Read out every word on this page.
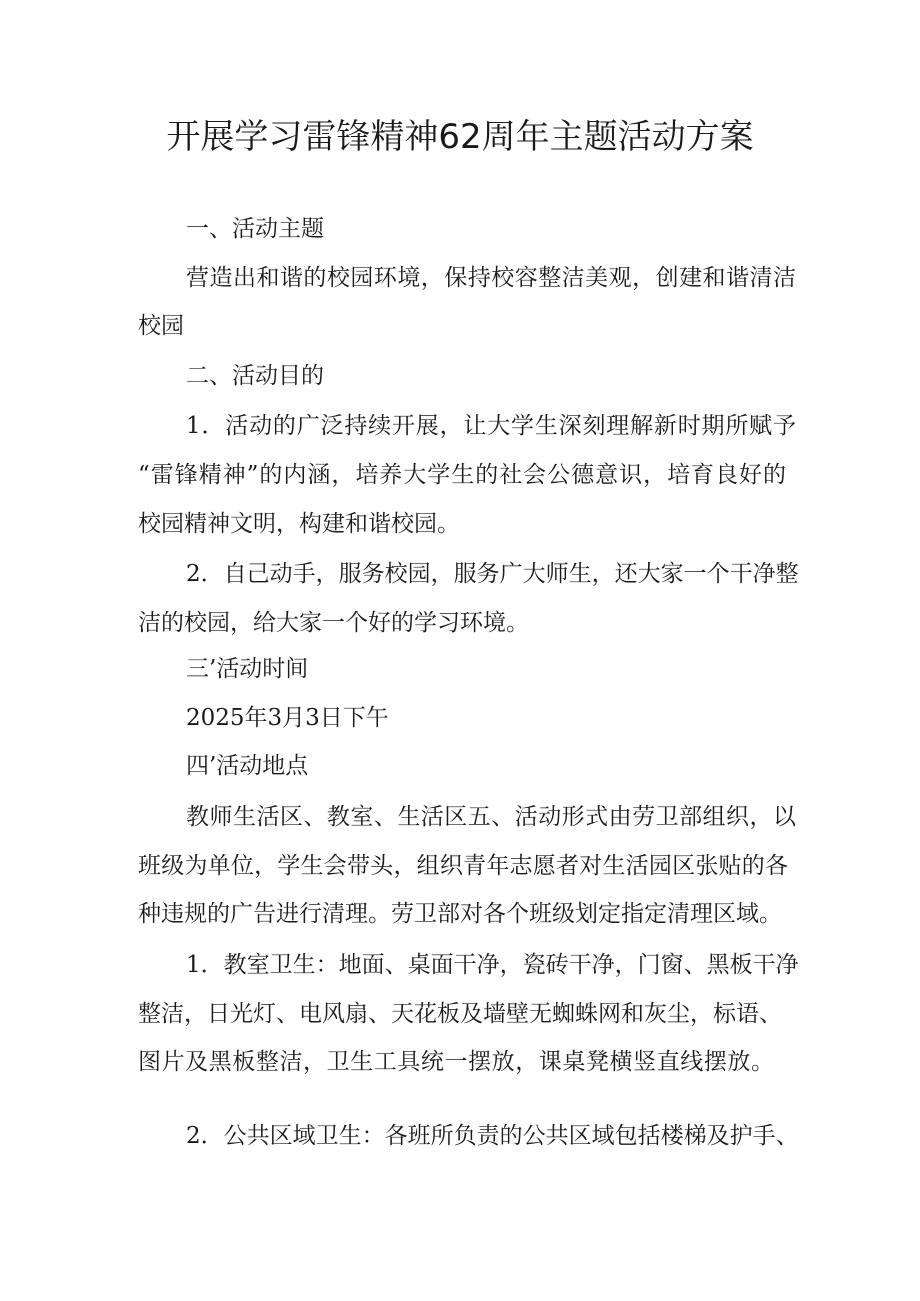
开展学习雷锋精神62周年主题活动方案

一、活动主题

营造出和谐的校园环境，保持校容整洁美观，创建和谐清洁

校园

二、活动目的

1．活动的广泛持续开展，让大学生深刻理解新时期所赋予

“雷锋精神”的内涵，培养大学生的社会公德意识，培育良好的

校园精神文明，构建和谐校园。

2．自己动手，服务校园，服务广大师生，还大家一个干净整

洁的校园，给大家一个好的学习环境。

三’活动时间

2025年3月3日下午

四’活动地点

教师生活区、教室、生活区五、活动形式由劳卫部组织，以

班级为单位，学生会带头，组织青年志愿者对生活园区张贴的各

种违规的广告进行清理。劳卫部对各个班级划定指定清理区域。

1．教室卫生：地面、桌面干净，瓷砖干净，门窗、黑板干净

整洁，日光灯、电风扇、天花板及墙壁无蜘蛛网和灰尘，标语、

图片及黑板整洁，卫生工具统一摆放，课桌凳横竖直线摆放。

2．公共区域卫生：各班所负责的公共区域包括楼梯及护手、
